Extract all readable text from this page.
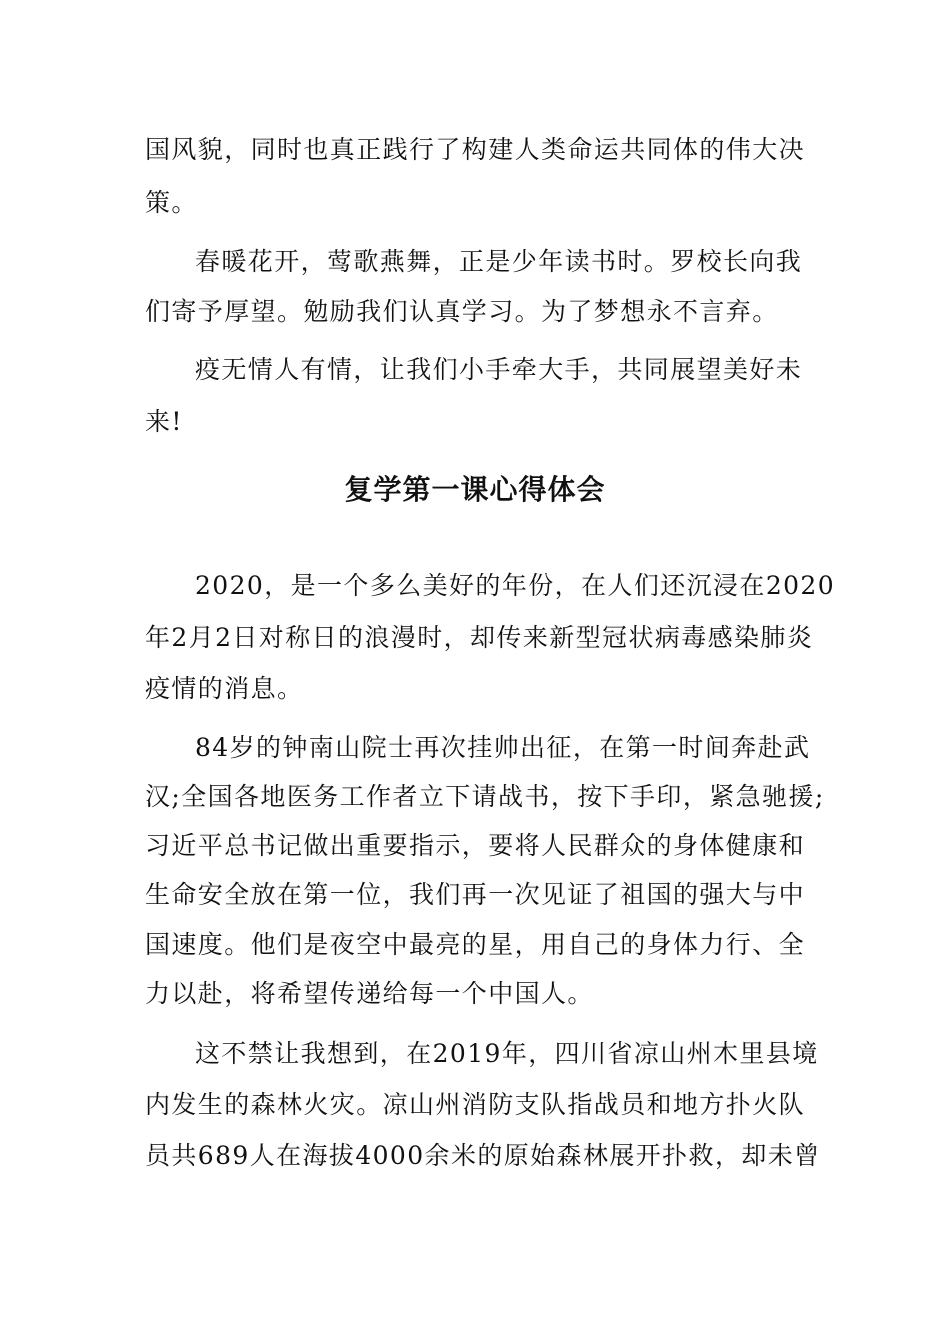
国风貌，同时也真正践行了构建人类命运共同体的伟大决
策。
春暖花开，莺歌燕舞，正是少年读书时。罗校长向我
们寄予厚望。勉励我们认真学习。为了梦想永不言弃。
疫无情人有情，让我们小手牵大手，共同展望美好未
来!
复学第一课心得体会
2020，是一个多么美好的年份，在人们还沉浸在2020
年2月2日对称日的浪漫时，却传来新型冠状病毒感染肺炎
疫情的消息。
84岁的钟南山院士再次挂帅出征，在第一时间奔赴武
汉;全国各地医务工作者立下请战书，按下手印，紧急驰援;
习近平总书记做出重要指示，要将人民群众的身体健康和
生命安全放在第一位，我们再一次见证了祖国的强大与中
国速度。他们是夜空中最亮的星，用自己的身体力行、全
力以赴，将希望传递给每一个中国人。
这不禁让我想到，在2019年，四川省凉山州木里县境
内发生的森林火灾。凉山州消防支队指战员和地方扑火队
员共689人在海拔4000余米的原始森林展开扑救，却未曾
